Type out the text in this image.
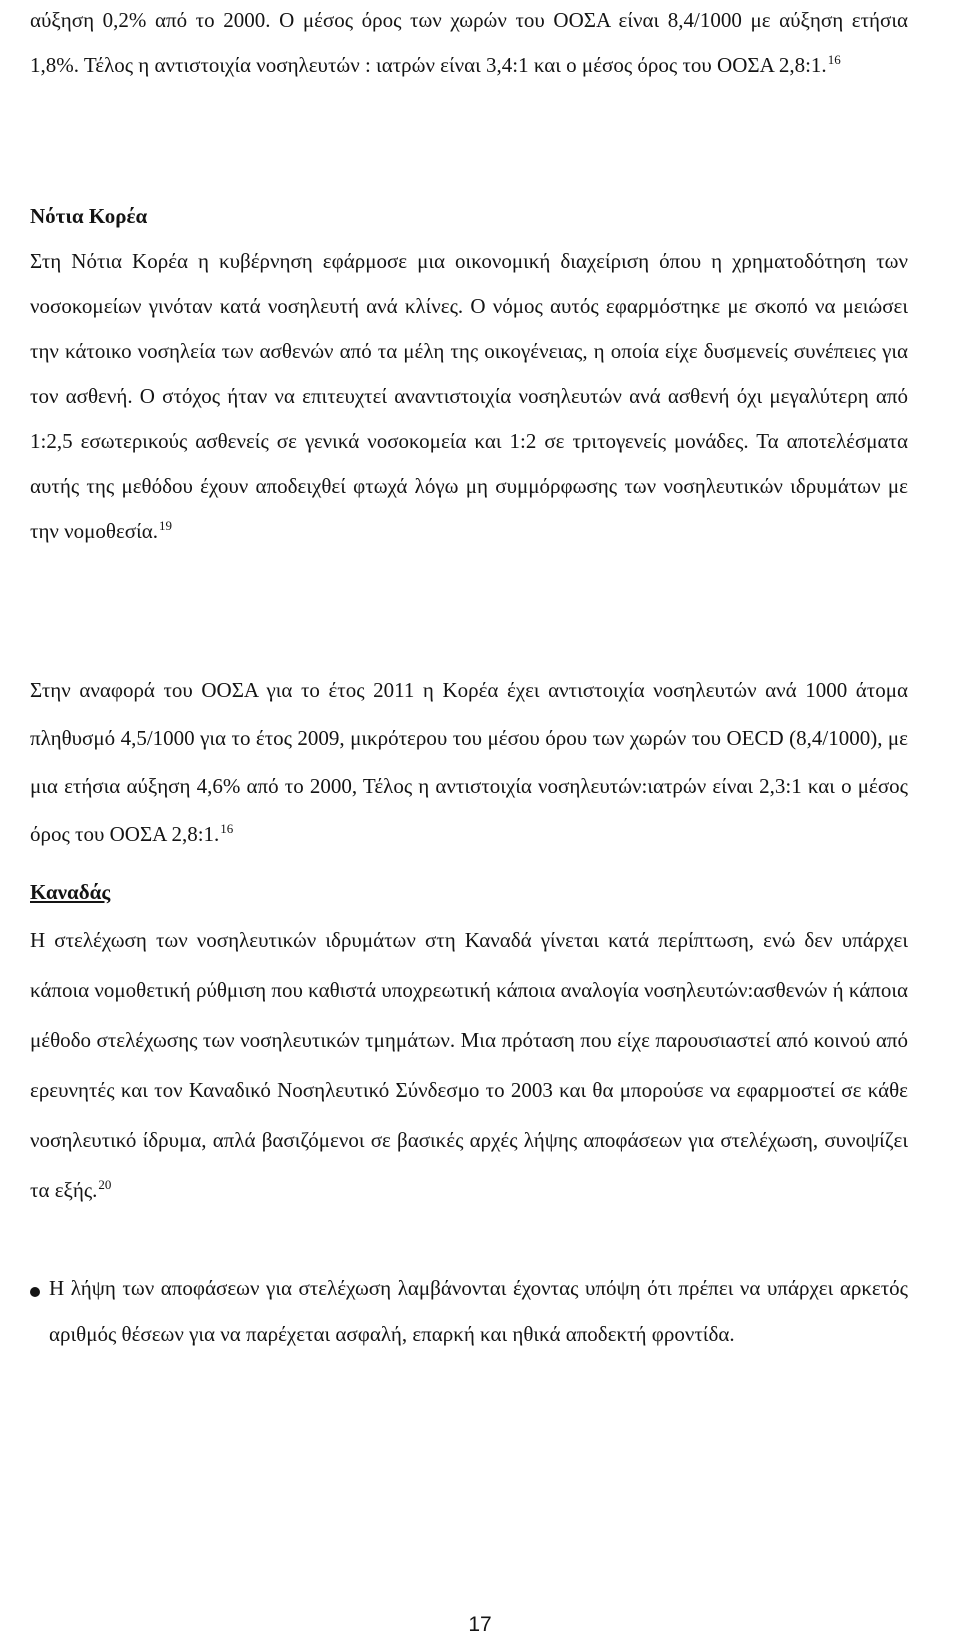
αύξηση 0,2% από το 2000. Ο μέσος όρος των χωρών του ΟΟΣΑ είναι 8,4/1000 με αύξηση ετήσια 1,8%. Τέλος η αντιστοιχία νοσηλευτών : ιατρών είναι 3,4:1 και ο μέσος όρος του ΟΟΣΑ 2,8:1.16

Νότια Κορέα

Στη Νότια Κορέα η κυβέρνηση εφάρμοσε μια οικονομική διαχείριση όπου η χρηματοδότηση των νοσοκομείων γινόταν κατά νοσηλευτή ανά κλίνες. Ο νόμος αυτός εφαρμόστηκε με σκοπό να μειώσει την κάτοικο νοσηλεία των ασθενών από τα μέλη της οικογένειας, η οποία είχε δυσμενείς συνέπειες για τον ασθενή. Ο στόχος ήταν να επιτευχτεί αναντιστοιχία νοσηλευτών ανά ασθενή όχι μεγαλύτερη από 1:2,5 εσωτερικούς ασθενείς σε γενικά νοσοκομεία και 1:2 σε τριτογενείς μονάδες. Τα αποτελέσματα αυτής της μεθόδου έχουν αποδειχθεί φτωχά λόγω μη συμμόρφωσης των νοσηλευτικών ιδρυμάτων με την νομοθεσία.$^{19}$

Στην αναφορά του ΟΟΣΑ για το έτος 2011 η Κορέα έχει αντιστοιχία νοσηλευτών ανά 1000 άτομα πληθυσμό 4,5/1000 για το έτος 2009, μικρότερου του μέσου όρου των χωρών του OECD (8,4/1000), με μια ετήσια αύξηση 4,6% από το 2000, Τέλος η αντιστοιχία νοσηλευτών:ιατρών είναι 2,3:1 και ο μέσος όρος του ΟΟΣΑ 2,8:1.16

Καναδάς

Η στελέχωση των νοσηλευτικών ιδρυμάτων στη Καναδά γίνεται κατά περίπτωση, ενώ δεν υπάρχει κάποια νομοθετική ρύθμιση που καθιστά υποχρεωτική κάποια αναλογία νοσηλευτών:ασθενών ή κάποια μέθοδο στελέχωσης των νοσηλευτικών τμημάτων. Μια πρόταση που είχε παρουσιαστεί από κοινού από ερευνητές και τον Καναδικό Νοσηλευτικό Σύνδεσμο το 2003 και θα μπορούσε να εφαρμοστεί σε κάθε νοσηλευτικό ίδρυμα, απλά βασιζόμενοι σε βασικές αρχές λήψης αποφάσεων για στελέχωση, συνοψίζει τα εξής.$^{20}$

Η λήψη των αποφάσεων για στελέχωση λαμβάνονται έχοντας υπόψη ότι πρέπει να υπάρχει αρκετός αριθμός θέσεων για να παρέχεται ασφαλή, επαρκή και ηθικά αποδεκτή φροντίδα.

17
